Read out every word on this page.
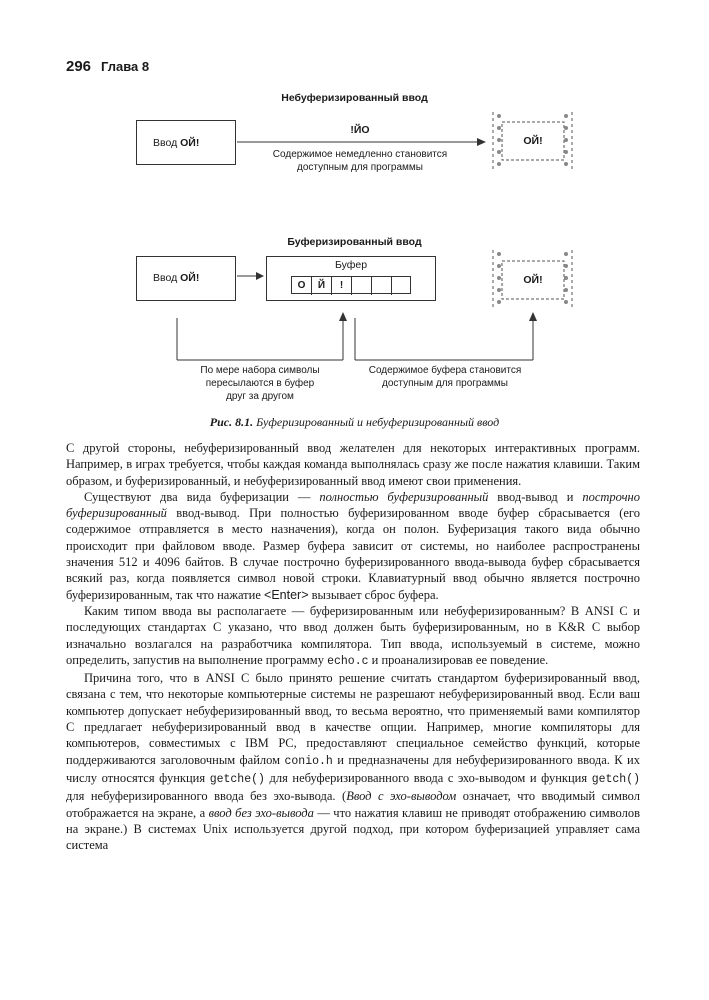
296 Глава 8
Небуферизированный ввод
Ввод ОЙ!
!ЙО
Содержимое немедленно становится
доступным для программы
ОЙ!
Буферизированный ввод
Ввод ОЙ!
Буфер
О	Й	!	ОЙ!
По мере набора символы
пересылаются в буфер
друг за другом
Содержимое буфера становится
доступным для программы
Рис. 8.1. Буферизированный и небуферизированный ввод

С другой стороны, небуферизированный ввод желателен для некоторых интерактивных программ. Например, в играх требуется, чтобы каждая команда выполнялась сразу же после нажатия клавиши. Таким образом, и буферизированный, и небуферизированный ввод имеют свои применения.

Существуют два вида буферизации — полностью буферизированный ввод-вывод и построчно буферизированный ввод-вывод. При полностью буферизированном вводе буфер сбрасывается (его содержимое отправляется в место назначения), когда он полон. Буферизация такого вида обычно происходит при файловом вводе. Размер буфера зависит от системы, но наиболее распространены значения 512 и 4096 байтов. В случае построчно буферизированного ввода-вывода буфер сбрасывается всякий раз, когда появляется символ новой строки. Клавиатурный ввод обычно является построчно буферизированным, так что нажатие <Enter> вызывает сброс буфера.

Каким типом ввода вы располагаете — буферизированным или небуферизированным? В ANSI C и последующих стандартах C указано, что ввод должен быть буферизированным, но в K&R C выбор изначально возлагался на разработчика компилятора. Тип ввода, используемый в системе, можно определить, запустив на выполнение программу echo.c и проанализировав ее поведение.

Причина того, что в ANSI C было принято решение считать стандартом буферизированный ввод, связана с тем, что некоторые компьютерные системы не разрешают небуферизированный ввод. Если ваш компьютер допускает небуферизированный ввод, то весьма вероятно, что применяемый вами компилятор C предлагает небуферизированный ввод в качестве опции. Например, многие компиляторы для компьютеров, совместимых с IBM PC, предоставляют специальное семейство функций, которые поддерживаются заголовочным файлом conio.h и предназначены для небуферизированного ввода. К их числу относятся функция getche() для небуферизированного ввода с эхо-выводом и функция getch() для небуферизированного ввода без эхо-вывода. (Ввод с эхо-выводом означает, что вводимый символ отображается на экране, а ввод без эхо-вывода — что нажатия клавиш не приводят отображению символов на экране.) В системах Unix используется другой подход, при котором буферизацией управляет сама система
